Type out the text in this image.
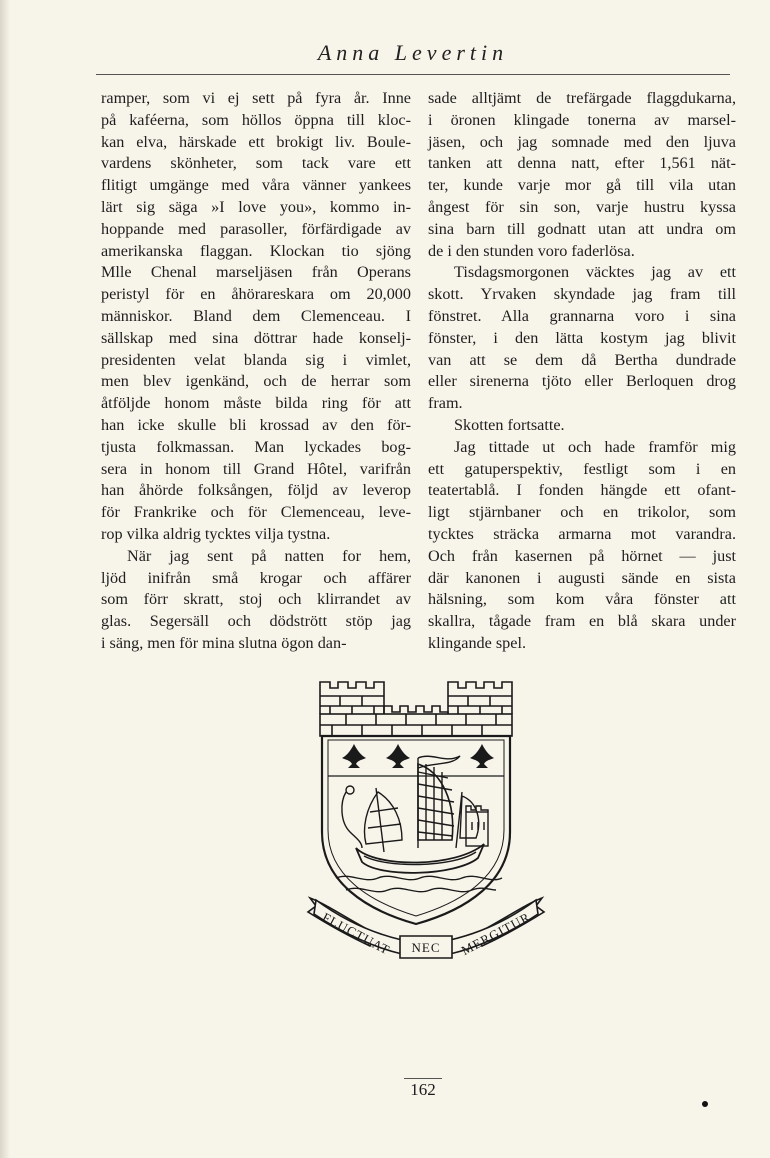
Anna Levertin
ramper, som vi ej sett på fyra år. Inne
på kaféerna, som höllos öppna till kloc-
kan elva, härskade ett brokigt liv. Boule-
vardens skönheter, som tack vare ett
flitigt umgänge med våra vänner yankees
lärt sig säga »I love you», kommo in-
hoppande med parasoller, förfärdigade av
amerikanska flaggan. Klockan tio sjöng
Mlle Chenal marseljäsen från Operans
peristyl för en åhörareskara om 20,000
människor. Bland dem Clemenceau. I
sällskap med sina döttrar hade konselj-
presidenten velat blanda sig i vimlet,
men blev igenkänd, och de herrar som
åtföljde honom måste bilda ring för att
han icke skulle bli krossad av den för-
tjusta folkmassan. Man lyckades bog-
sera in honom till Grand Hôtel, varifrån
han åhörde folksången, följd av leverop
för Frankrike och för Clemenceau, leve-
rop vilka aldrig tycktes vilja tystna.
När jag sent på natten for hem,
ljöd inifrån små krogar och affärer
som förr skratt, stoj och klirrandet av
glas. Segersäll och dödstrött stöp jag
i säng, men för mina slutna ögon dan-
sade alltjämt de trefärgade flaggdukarna,
i öronen klingade tonerna av marsel-
jäsen, och jag somnade med den ljuva
tanken att denna natt, efter 1,561 nät-
ter, kunde varje mor gå till vila utan
ångest för sin son, varje hustru kyssa
sina barn till godnatt utan att undra om
de i den stunden voro faderlösa.
Tisdagsmorgonen väcktes jag av ett
skott. Yrvaken skyndade jag fram till
fönstret. Alla grannarna voro i sina
fönster, i den lätta kostym jag blivit
van att se dem då Bertha dundrade
eller sirenerna tjöto eller Berloquen drog
fram.
Skotten fortsatte.
Jag tittade ut och hade framför mig
ett gatuperspektiv, festligt som i en
teatertablå. I fonden hängde ett ofant-
ligt stjärnbaner och en trikolor, som
tycktes sträcka armarna mot varandra.
Och från kasernen på hörnet — just
där kanonen i augusti sände en sista
hälsning, som kom våra fönster att
skallra, tågade fram en blå skara under
klingande spel.
FLUCTUAT NEC MERGITUR
162
